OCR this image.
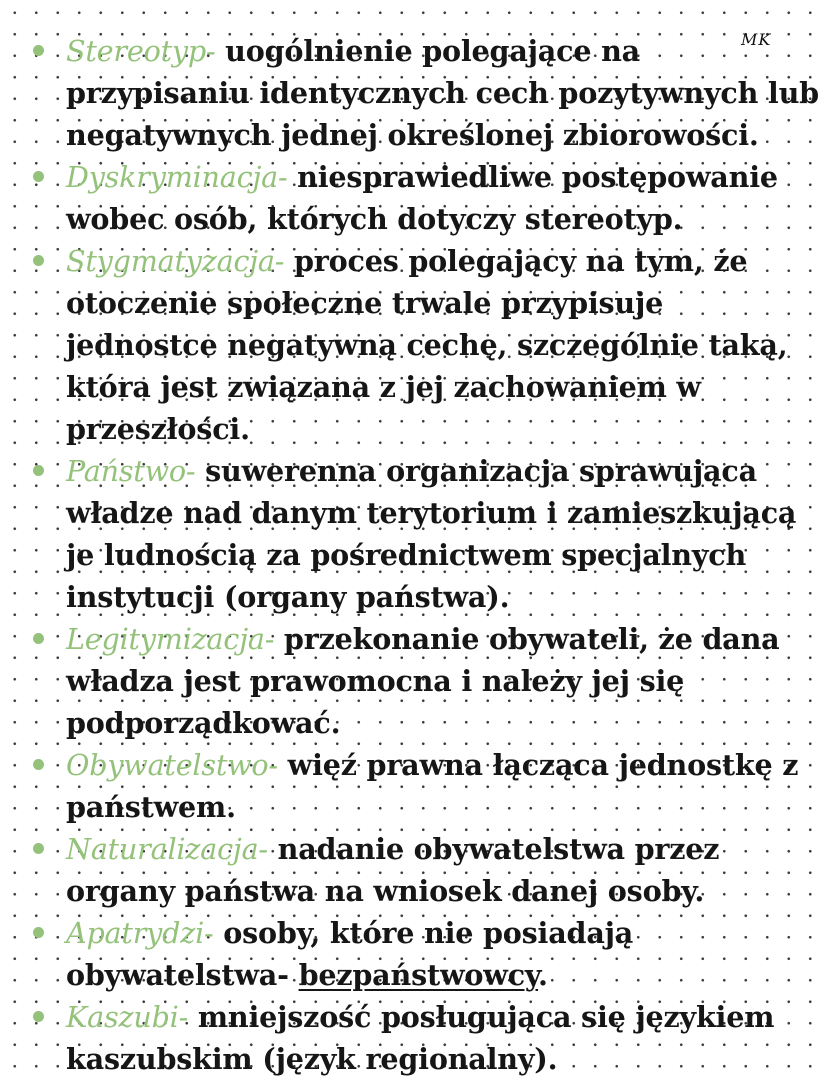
MK
Stereotyp- uogólnienie polegające na przypisaniu identycznych cech pozytywnych lub negatywnych jednej określonej zbiorowości.
Dyskryminacja- niesprawiedliwe postępowanie wobec osób, których dotyczy stereotyp.
Stygmatyzacja- proces polegający na tym, że otoczenie społeczne trwale przypisuje jednostce negatywną cechę, szczególnie taką, która jest związana z jej zachowaniem w przeszłości.
Państwo- suwerenna organizacja sprawująca władze nad danym terytorium i zamieszkującą je ludnością za pośrednictwem specjalnych instytucji (organy państwa).
Legitymizacja- przekonanie obywateli, że dana władza jest prawomocna i należy jej się podporządkować.
Obywatelstwo- więź prawna łącząca jednostkę z państwem.
Naturalizacja- nadanie obywatelstwa przez organy państwa na wniosek danej osoby.
Apatrydzi- osoby, które nie posiadają obywatelstwa- bezpaństwowcy.
Kaszubi- mniejszość posługująca się językiem kaszubskim (język regionalny).
